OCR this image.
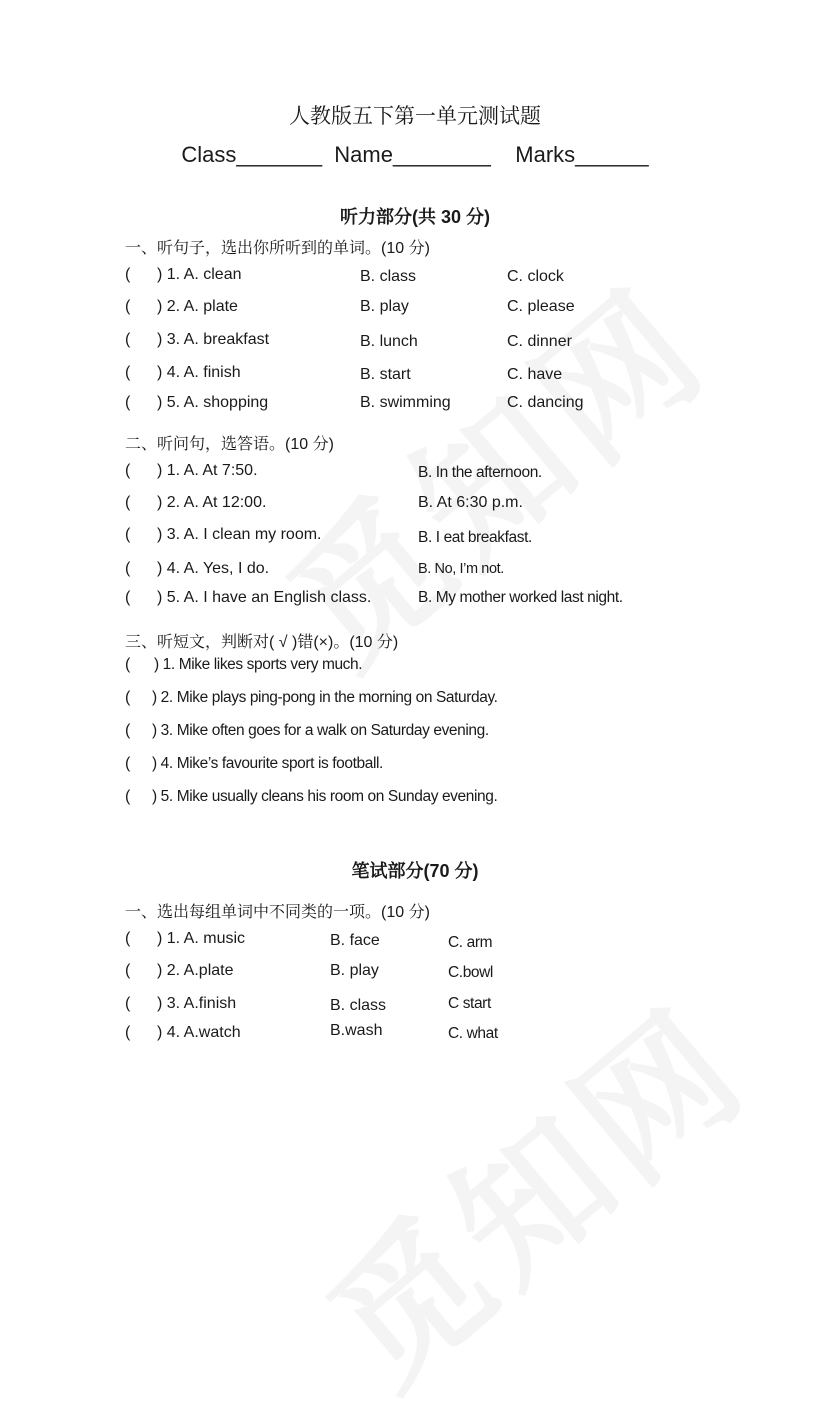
人教版五下第一单元测试题
Class_______  Name________    Marks______
听力部分(共 30 分)
一、听句子，选出你所听到的单词。(10 分)
( ) 1. A. clean	B. class	C. clock
( ) 2. A. plate	B. play	C. please
( ) 3. A. breakfast	B. lunch	C. dinner
( ) 4. A. finish	B. start	C. have
( ) 5. A. shopping	B. swimming	C. dancing
二、听问句，选答语。(10 分)
( ) 1. A. At 7:50.	B. In the afternoon.
( ) 2. A. At 12:00.	B. At 6:30 p.m.
( ) 3. A. I clean my room.	B. I eat breakfast.
( ) 4. A. Yes, I do.	B. No, I’m not.
( ) 5. A. I have an English class.	B. My mother worked last night.
三、听短文，判断对( √ )错(×)。(10 分)
( ) 1. Mike likes sports very much.
( ) 2. Mike plays ping-pong in the morning on Saturday.
( ) 3. Mike often goes for a walk on Saturday evening.
( ) 4. Mike’s favourite sport is football.
( ) 5. Mike usually cleans his room on Sunday evening.
笔试部分(70 分)
一、选出每组单词中不同类的一项。(10 分)
( ) 1. A. music	B. face	C. arm
( ) 2. A.plate	B. play	C.bowl
( ) 3. A.finish	B. class	C start
( ) 4. A.watch	B.wash	C. what
